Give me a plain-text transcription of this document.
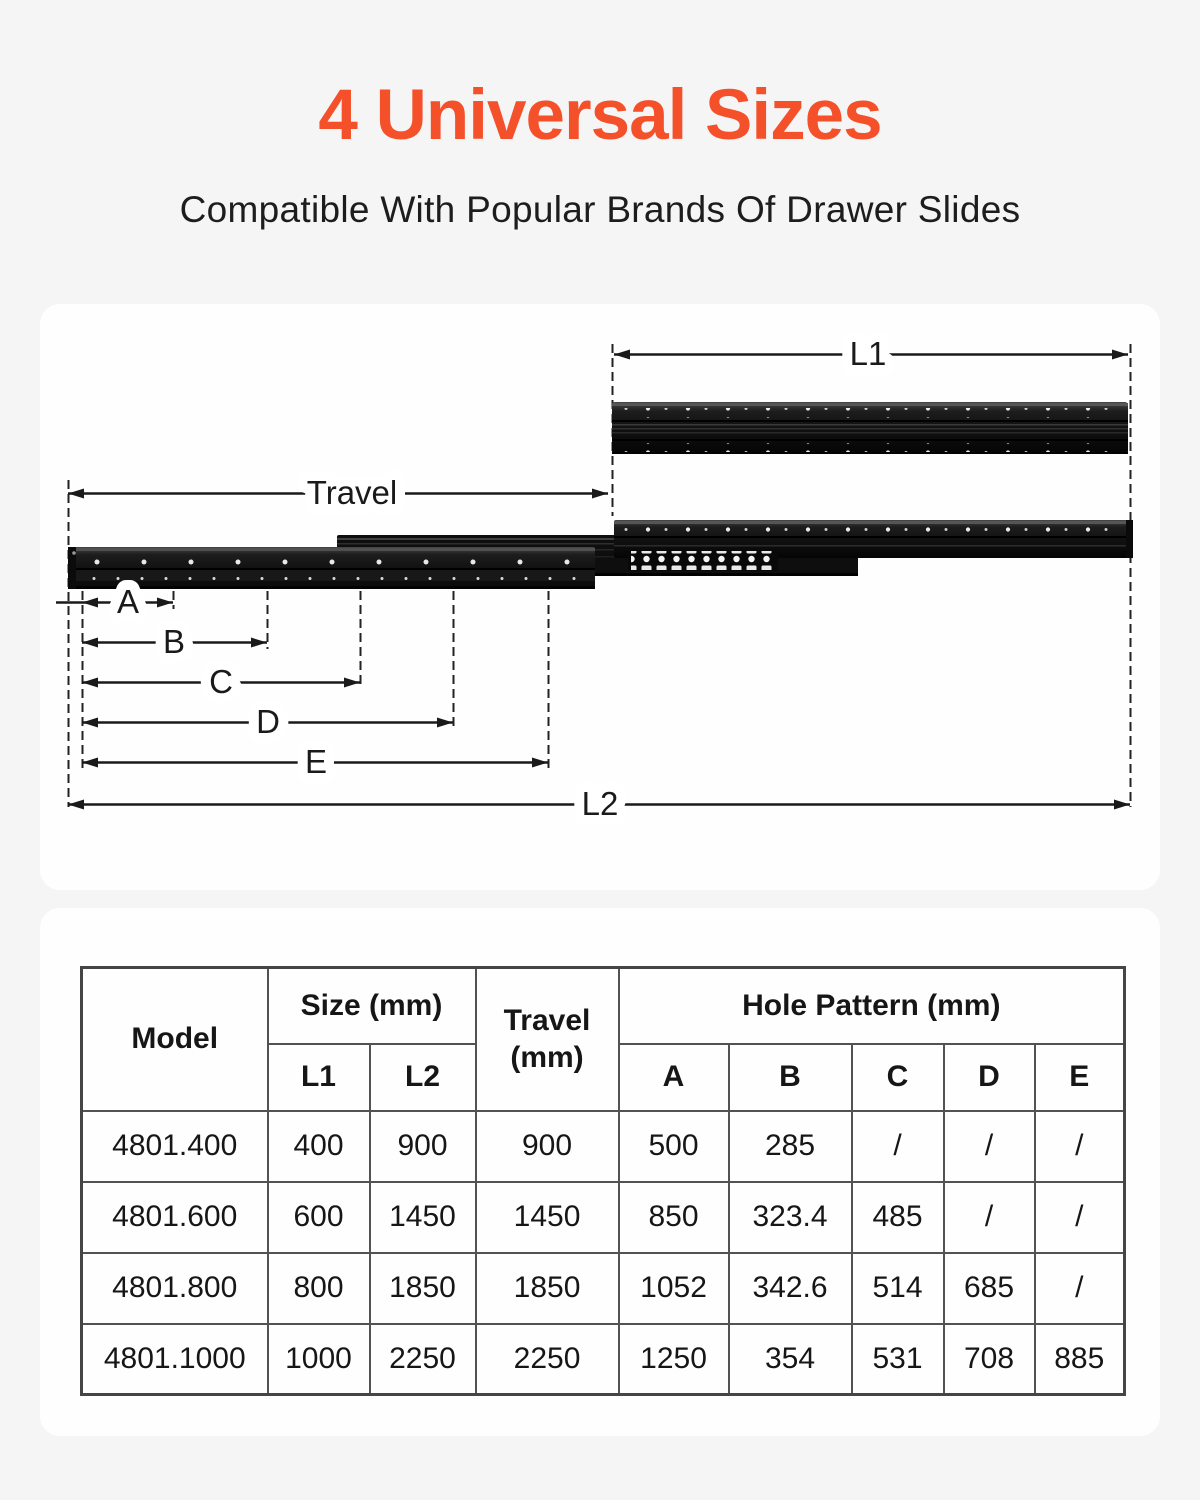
4 Universal Sizes
Compatible With Popular Brands Of Drawer Slides
L1
Travel
A
B
C
D
E
L2
Model	Size (mm)		Travel
(mm)	Hole Pattern (mm)				
	L1	L2		A	B	C	D	E
4801.400	400	900	900	500	285	/	/	/
4801.600	600	1450	1450	850	323.4	485	/	/
4801.800	800	1850	1850	1052	342.6	514	685	/
4801.1000	1000	2250	2250	1250	354	531	708	885
